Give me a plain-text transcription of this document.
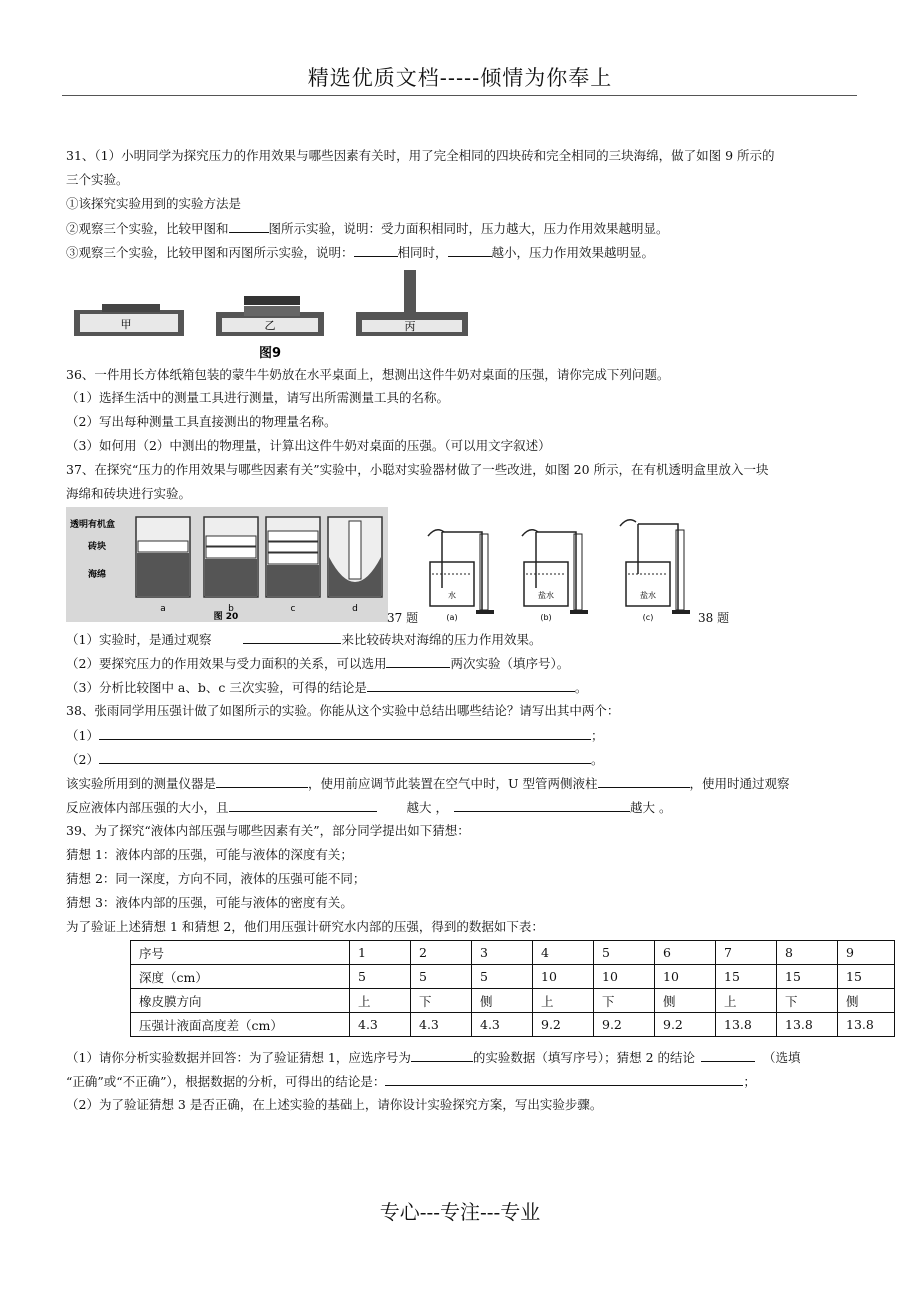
精选优质文档-----倾情为你奉上
31、（1）小明同学为探究压力的作用效果与哪些因素有关时，用了完全相同的四块砖和完全相同的三块海绵，做了如图 9 所示的
三个实验。
①该探究实验用到的实验方法是
②观察三个实验，比较甲图和	图所示实验，说明：受力面积相同时，压力越大，压力作用效果越明显。
③观察三个实验，比较甲图和丙图所示实验，说明：	相同时，	越小，压力作用效果越明显。
甲	乙	丙
图9
36、一件用长方体纸箱包装的蒙牛牛奶放在水平桌面上，想测出这件牛奶对桌面的压强，请你完成下列问题。
（1）选择生活中的测量工具进行测量，请写出所需测量工具的名称。
（2）写出每种测量工具直接测出的物理量名称。
（3）如何用（2）中测出的物理量，计算出这件牛奶对桌面的压强。（可以用文字叙述）
37、在探究“压力的作用效果与哪些因素有关”实验中，小聪对实验器材做了一些改进，如图 20 所示，在有机透明盒里放入一块
海绵和砖块进行实验。
透明有机盒
砖块
海绵
a	b	c	d
图 20	37 题
水
(a)
盐水
(b)
盐水
(c)	38 题
（1）实验时，是通过观察	来比较砖块对海绵的压力作用效果。
（2）要探究压力的作用效果与受力面积的关系，可以选用	两次实验（填序号）。
（3）分析比较图中 a、b、c 三次实验，可得的结论是	。
38、张雨同学用压强计做了如图所示的实验。你能从这个实验中总结出哪些结论？请写出其中两个：
（1）	；
（2）	。
该实验所用到的测量仪器是	，使用前应调节此装置在空气中时，U 型管两侧液柱	，使用时通过观察
反应液体内部压强的大小，且	越大 ，	越大 。
39、为了探究“液体内部压强与哪些因素有关”，部分同学提出如下猜想：
猜想 1：液体内部的压强，可能与液体的深度有关；
猜想 2：同一深度，方向不同，液体的压强可能不同；
猜想 3：液体内部的压强，可能与液体的密度有关。
为了验证上述猜想 1 和猜想 2，他们用压强计研究水内部的压强，得到的数据如下表：
序号	1	2	3	4	5	6	7	8	9
深度（cm）	5	5	5	10	10	10	15	15	15
橡皮膜方向	上	下	侧	上	下	侧	上	下	侧
压强计液面高度差（cm）	4.3	4.3	4.3	9.2	9.2	9.2	13.8	13.8	13.8
（1）请你分析实验数据并回答：为了验证猜想 1，应选序号为	的实验数据（填写序号）；猜想 2 的结论	（选填
“正确”或“不正确”），根据数据的分析，可得出的结论是：	；
（2）为了验证猜想 3 是否正确，在上述实验的基础上，请你设计实验探究方案，写出实验步骤。
专心---专注---专业
